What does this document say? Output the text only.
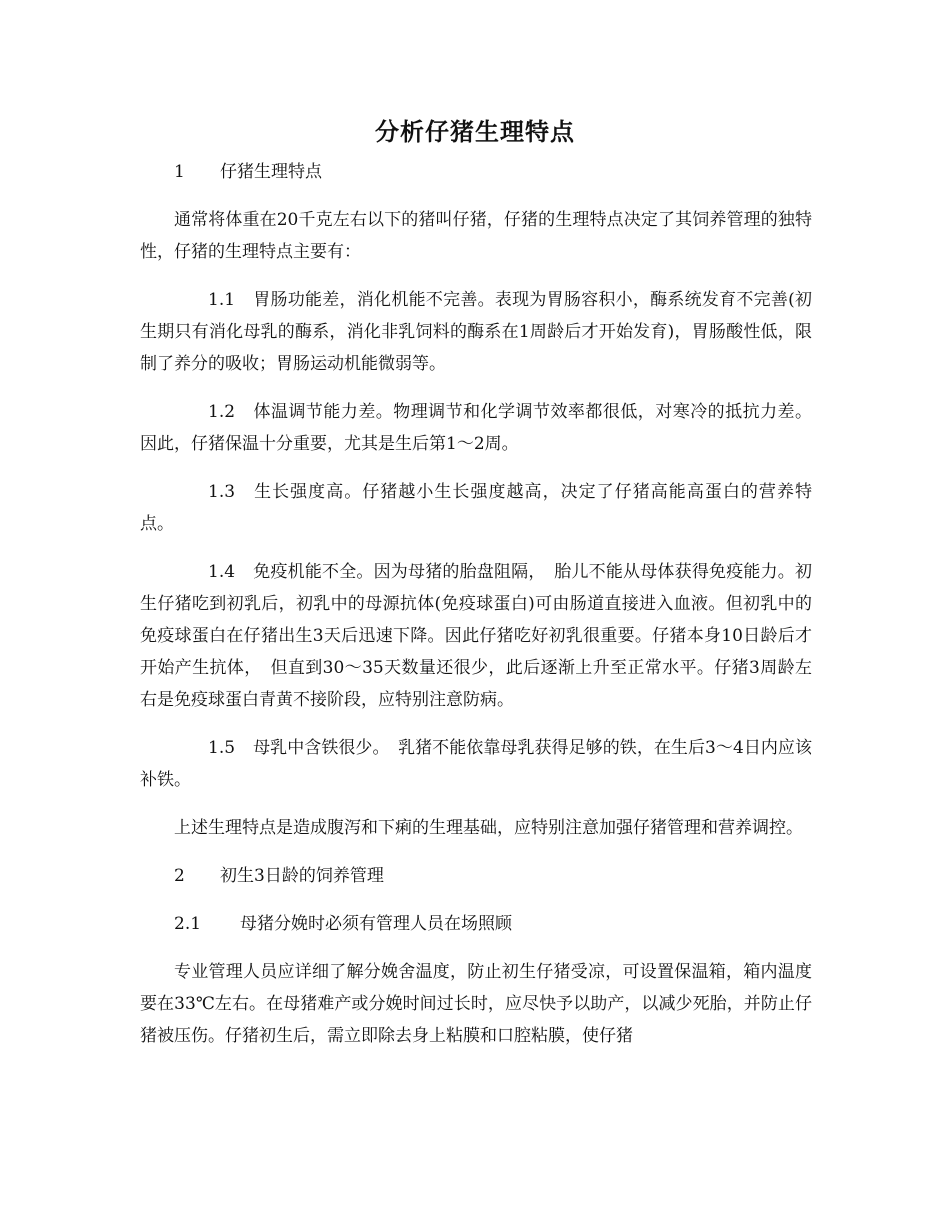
分析仔猪生理特点
1 仔猪生理特点

通常将体重在20千克左右以下的猪叫仔猪，仔猪的生理特点决定了其饲养管理的独特性，仔猪的生理特点主要有：

1.1 胃肠功能差，消化机能不完善。表现为胃肠容积小，酶系统发育不完善(初生期只有消化母乳的酶系，消化非乳饲料的酶系在1周龄后才开始发育)，胃肠酸性低，限制了养分的吸收；胃肠运动机能微弱等。

1.2 体温调节能力差。物理调节和化学调节效率都很低，对寒冷的抵抗力差。因此，仔猪保温十分重要，尤其是生后第1～2周。

1.3 生长强度高。仔猪越小生长强度越高，决定了仔猪高能高蛋白的营养特点。

1.4 免疫机能不全。因为母猪的胎盘阻隔，　胎儿不能从母体获得免疫能力。初生仔猪吃到初乳后，初乳中的母源抗体(免疫球蛋白)可由肠道直接进入血液。但初乳中的免疫球蛋白在仔猪出生3天后迅速下降。因此仔猪吃好初乳很重要。仔猪本身10日龄后才开始产生抗体，　但直到30～35天数量还很少，此后逐渐上升至正常水平。仔猪3周龄左右是免疫球蛋白青黄不接阶段，应特别注意防病。

1.5 母乳中含铁很少。　乳猪不能依靠母乳获得足够的铁，在生后3～4日内应该补铁。

上述生理特点是造成腹泻和下痢的生理基础，应特别注意加强仔猪管理和营养调控。

2 初生3日龄的饲养管理
2.1 母猪分娩时必须有管理人员在场照顾

专业管理人员应详细了解分娩舍温度，防止初生仔猪受凉，可设置保温箱，箱内温度要在33℃左右。在母猪难产或分娩时间过长时，应尽快予以助产，以减少死胎，并防止仔猪被压伤。仔猪初生后，需立即除去身上粘膜和口腔粘膜，使仔猪
